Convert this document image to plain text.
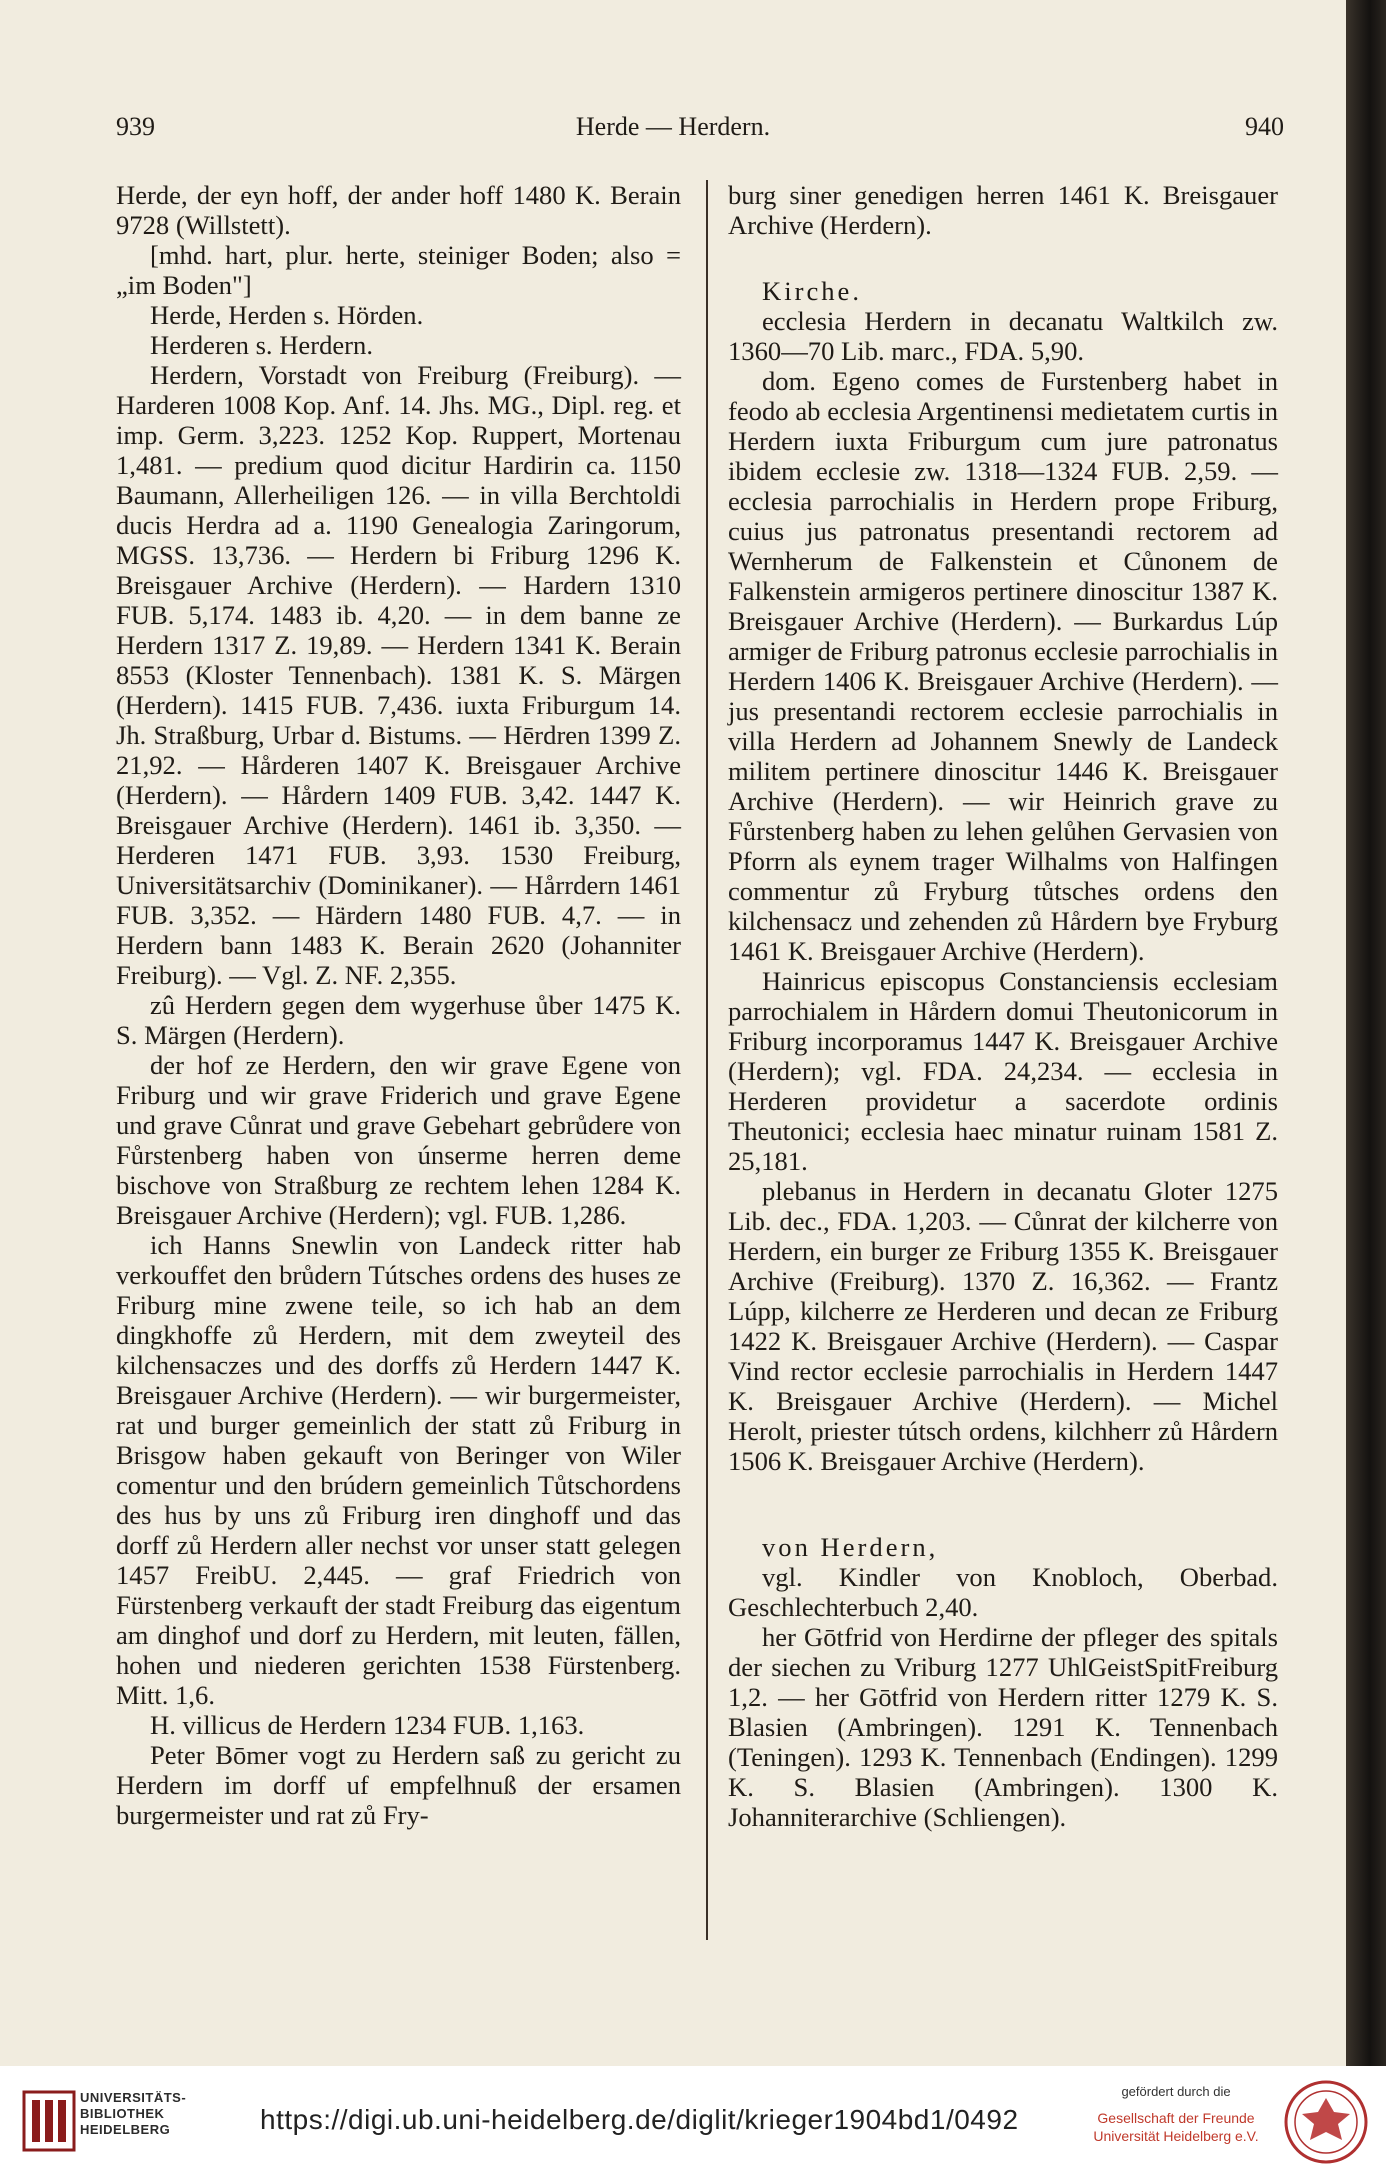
939	Herde — Herdern.	940

Herde, der eyn hoff, der ander hoff 1480 K. Berain 9728 (Willstett).

[mhd. hart, plur. herte, steiniger Boden; also = „im Boden"]

Herde, Herden s. Hörden.

Herderen s. Herdern.

Herdern, Vorstadt von Freiburg (Freiburg). — Harderen 1008 Kop. Anf. 14. Jhs. MG., Dipl. reg. et imp. Germ. 3,223. 1252 Kop. Ruppert, Mortenau 1,481. — predium quod dicitur Hardirin ca. 1150 Baumann, Allerheiligen 126. — in villa Berchtoldi ducis Herdra ad a. 1190 Genealogia Zaringorum, MGSS. 13,736. — Herdern bi Friburg 1296 K. Breisgauer Archive (Herdern). — Hardern 1310 FUB. 5,174. 1483 ib. 4,20. — in dem banne ze Herdern 1317 Z. 19,89. — Herdern 1341 K. Berain 8553 (Kloster Tennenbach). 1381 K. S. Märgen (Herdern). 1415 FUB. 7,436. iuxta Friburgum 14. Jh. Straßburg, Urbar d. Bistums. — Hērdren 1399 Z. 21,92. — Hårderen 1407 K. Breisgauer Archive (Herdern). — Hårdern 1409 FUB. 3,42. 1447 K. Breisgauer Archive (Herdern). 1461 ib. 3,350. — Herderen 1471 FUB. 3,93. 1530 Freiburg, Universitätsarchiv (Dominikaner). — Hårrdern 1461 FUB. 3,352. — Härdern 1480 FUB. 4,7. — in Herdern bann 1483 K. Berain 2620 (Johanniter Freiburg). — Vgl. Z. NF. 2,355.

zû Herdern gegen dem wygerhuse ůber 1475 K. S. Märgen (Herdern).

der hof ze Herdern, den wir grave Egene von Friburg und wir grave Friderich und grave Egene und grave Cůnrat und grave Gebehart gebrůdere von Fůrstenberg haben von únserme herren deme bischove von Straßburg ze rechtem lehen 1284 K. Breisgauer Archive (Herdern); vgl. FUB. 1,286.

ich Hanns Snewlin von Landeck ritter hab verkouffet den brůdern Tútsches ordens des huses ze Friburg mine zwene teile, so ich hab an dem dingkhoffe zů Herdern, mit dem zweyteil des kilchensaczes und des dorffs zů Herdern 1447 K. Breisgauer Archive (Herdern). — wir burgermeister, rat und burger gemeinlich der statt zů Friburg in Brisgow haben gekauft von Beringer von Wiler comentur und den brúdern gemeinlich Tůtschordens des hus by uns zů Friburg iren dinghoff und das dorff zů Herdern aller nechst vor unser statt gelegen 1457 FreibU. 2,445. — graf Friedrich von Fürstenberg verkauft der stadt Freiburg das eigentum am dinghof und dorf zu Herdern, mit leuten, fällen, hohen und niederen gerichten 1538 Fürstenberg. Mitt. 1,6.

H. villicus de Herdern 1234 FUB. 1,163.

Peter Bōmer vogt zu Herdern saß zu gericht zu Herdern im dorff uf empfelhnuß der ersamen burgermeister und rat zů Fry-

burg siner genedigen herren 1461 K. Breisgauer Archive (Herdern).

Kirche.

ecclesia Herdern in decanatu Waltkilch zw. 1360—70 Lib. marc., FDA. 5,90.

dom. Egeno comes de Furstenberg habet in feodo ab ecclesia Argentinensi medietatem curtis in Herdern iuxta Friburgum cum jure patronatus ibidem ecclesie zw. 1318—1324 FUB. 2,59. — ecclesia parrochialis in Herdern prope Friburg, cuius jus patronatus presentandi rectorem ad Wernherum de Falkenstein et Cůnonem de Falkenstein armigeros pertinere dinoscitur 1387 K. Breisgauer Archive (Herdern). — Burkardus Lúp armiger de Friburg patronus ecclesie parrochialis in Herdern 1406 K. Breisgauer Archive (Herdern). — jus presentandi rectorem ecclesie parrochialis in villa Herdern ad Johannem Snewly de Landeck militem pertinere dinoscitur 1446 K. Breisgauer Archive (Herdern). — wir Heinrich grave zu Fůrstenberg haben zu lehen gelůhen Gervasien von Pforrn als eynem trager Wilhalms von Halfingen commentur zů Fryburg tůtsches ordens den kilchensacz und zehenden zů Hårdern bye Fryburg 1461 K. Breisgauer Archive (Herdern).

Hainricus episcopus Constanciensis ecclesiam parrochialem in Hårdern domui Theutonicorum in Friburg incorporamus 1447 K. Breisgauer Archive (Herdern); vgl. FDA. 24,234. — ecclesia in Herderen providetur a sacerdote ordinis Theutonici; ecclesia haec minatur ruinam 1581 Z. 25,181.

plebanus in Herdern in decanatu Gloter 1275 Lib. dec., FDA. 1,203. — Cůnrat der kilcherre von Herdern, ein burger ze Friburg 1355 K. Breisgauer Archive (Freiburg). 1370 Z. 16,362. — Frantz Lúpp, kilcherre ze Herderen und decan ze Friburg 1422 K. Breisgauer Archive (Herdern). — Caspar Vind rector ecclesie parrochialis in Herdern 1447 K. Breisgauer Archive (Herdern). — Michel Herolt, priester tútsch ordens, kilchherr zů Hårdern 1506 K. Breisgauer Archive (Herdern).

von Herdern,

vgl. Kindler von Knobloch, Oberbad. Geschlechterbuch 2,40.

her Gōtfrid von Herdirne der pfleger des spitals der siechen zu Vriburg 1277 UhlGeistSpitFreiburg 1,2. — her Gōtfrid von Herdern ritter 1279 K. S. Blasien (Ambringen). 1291 K. Tennenbach (Teningen). 1293 K. Tennenbach (Endingen). 1299 K. S. Blasien (Ambringen). 1300 K. Johanniterarchive (Schliengen).

UNIVERSITÄTS-
BIBLIOTHEK
HEIDELBERG	https://digi.ub.uni-heidelberg.de/diglit/krieger1904bd1/0492
gefördert durch die
Gesellschaft der Freunde
Universität Heidelberg e.V.
